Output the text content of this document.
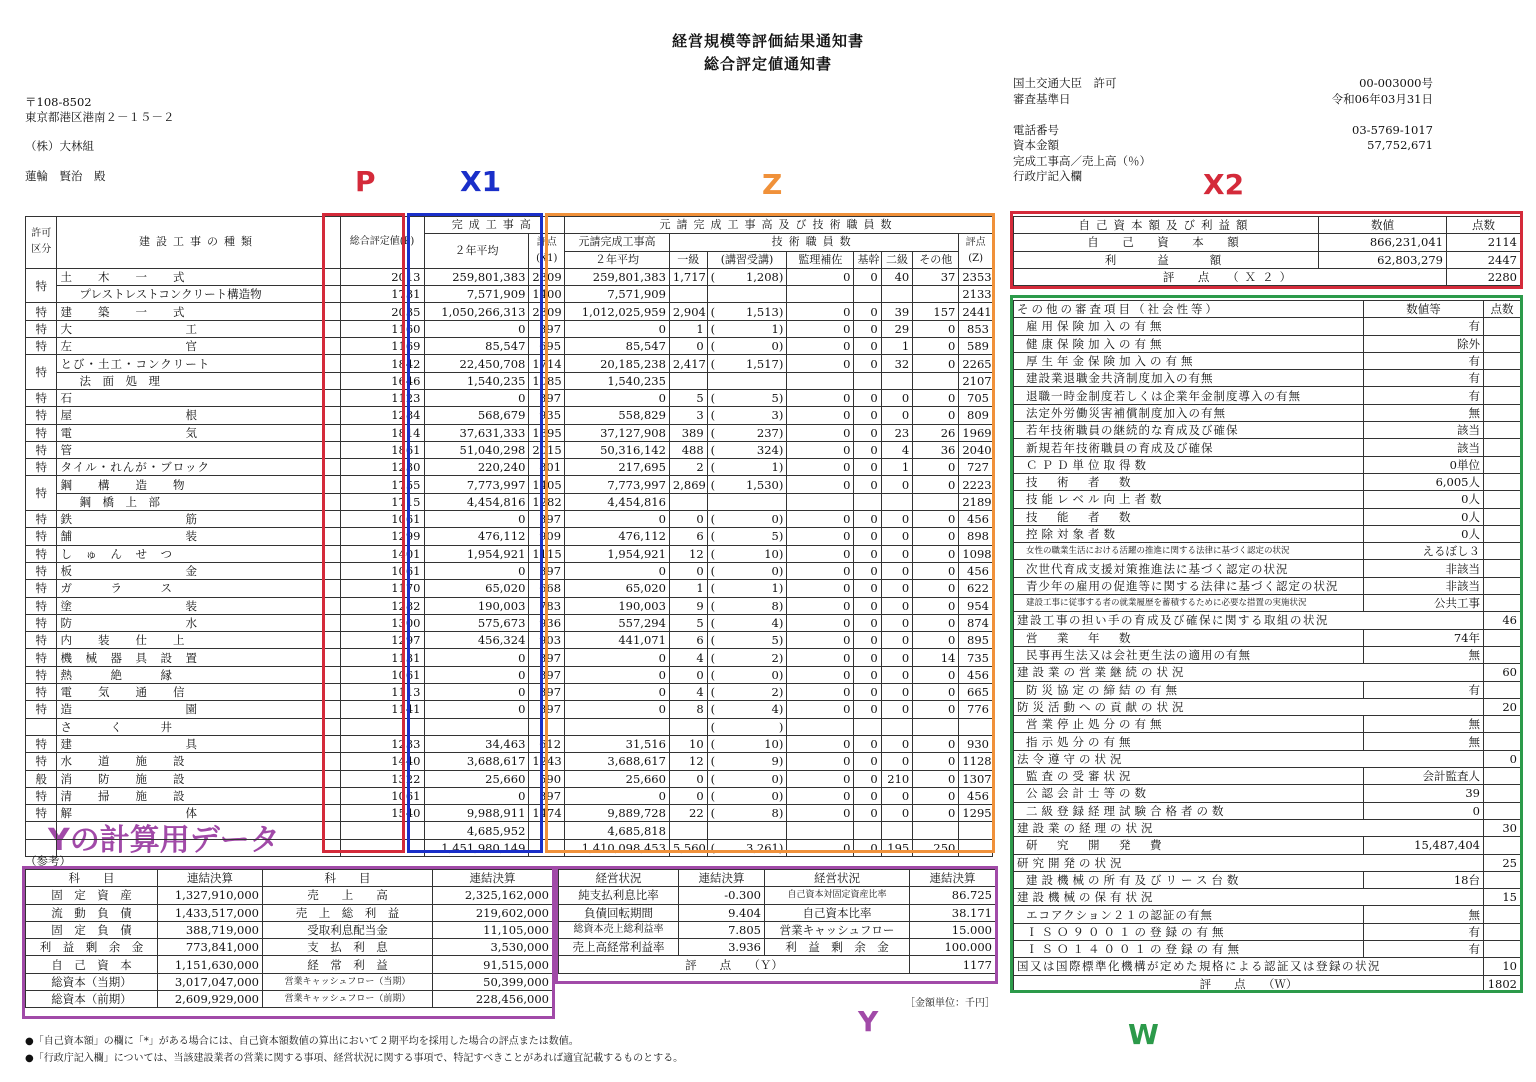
経営規模等評価結果通知書
総合評定値通知書
〒108-8502
東京都港区港南２－１５－２
（株）大林組
蓮輪　賢治　殿
国土交通大臣　許可	00-003000号
審査基準日	令和06年03月31日
電話番号	03-5769-1017
資本金額	57,752,671
完成工事高／売上高（％）
行政庁記入欄
P	X1	Z	X2
Yの計算用データ
Y	W
許可区分	建設工事の種類	総合評定値(P)	完成工事高		元請完成工事高及び技術職員数							
			２年平均	評点(X1)	元請完成工事高	技術職員数						評点(Z)
					２年平均	一級	(講習受講)	監理補佐	基幹	二級	その他	
特	土　　木　　一　　式	2013	259,801,383	2309	259,801,383	1,717	( 1,208)	0	0	40	37	2353
	プレストレストコンクリート構造物	1731	7,571,909	1400	7,571,909							2133
特	建　　築　　一　　式	2035	1,050,266,313	2309	1,012,025,959	2,904	( 1,513)	0	0	39	157	2441
特	大　　　　　　　　　工	1160	0	397	0	1	( 1)	0	0	29	0	853
特	左　　　　　　　　　官	1169	85,547	695	85,547	0	( 0)	0	0	1	0	589
特	とび・土工・コンクリート	1842	22,450,708	1714	20,185,238	2,417	( 1,517)	0	0	32	0	2265
	法　面　処　理	1646	1,540,235	1085	1,540,235							2107
特	石	1123	0	397	0	5	( 5)	0	0	0	0	705
特	屋　　　　　　　　　根	1284	568,679	935	558,829	3	( 3)	0	0	0	0	809
特	電　　　　　　　　　気	1814	37,631,333	1895	37,127,908	389	( 237)	0	0	23	26	1969
特	管	1861	51,040,298	2015	50,316,142	488	( 324)	0	0	4	36	2040
特	タイル・れんが・ブロック	1230	220,240	801	217,695	2	( 1)	0	0	1	0	727
特	鋼　　構　　造　　物	1755	7,773,997	1405	7,773,997	2,869	( 1,530)	0	0	0	0	2223
	鋼　橋　上　部	1715	4,454,816	1282	4,454,816							2189
特	鉄　　　　　　　　　筋	1061	0	397	0	0	( 0)	0	0	0	0	456
特	舗　　　　　　　　　装	1299	476,112	909	476,112	6	( 5)	0	0	0	0	898
特	し　ゅ　ん　せ　つ	1401	1,954,921	1115	1,954,921	12	( 10)	0	0	0	0	1098
特	板　　　　　　　　　金	1061	0	397	0	0	( 0)	0	0	0	0	456
特	ガ　　　ラ　　　ス	1170	65,020	668	65,020	1	( 1)	0	0	0	0	622
特	塗　　　　　　　　　装	1282	190,003	783	190,003	9	( 8)	0	0	0	0	954
特	防　　　　　　　　　水	1300	575,673	936	557,294	5	( 4)	0	0	0	0	874
特	内　　装　　仕　　上	1297	456,324	903	441,071	6	( 5)	0	0	0	0	895
特	機　械　器　具　設　置	1131	0	397	0	4	( 2)	0	0	0	14	735
特	熱　　　絶　　　縁	1061	0	397	0	0	( 0)	0	0	0	0	456
特	電　　気　　通　　信	1113	0	397	0	4	( 2)	0	0	0	0	665
特	造　　　　　　　　　園	1141	0	397	0	8	( 4)	0	0	0	0	776
	さ　　　く　　　井						( )					
特	建　　　　　　　　　具	1233	34,463	612	31,516	10	( 10)	0	0	0	0	930
特	水　　道　　施　　設	1440	3,688,617	1243	3,688,617	12	( 9)	0	0	0	0	1128
般	消　　防　　施　　設	1322	25,660	590	25,660	0	( 0)	0	0	210	0	1307
特	清　　掃　　施　　設	1061	0	397	0	0	( 0)	0	0	0	0	456
特	解　　　　　　　　　体	1540	9,988,911	1474	9,889,728	22	( 8)	0	0	0	0	1295
			4,685,952		4,685,818							
			1,451,980,149		1,410,098,453	5,560	( 3,261)	0	0	195	250	
自己資本額及び利益額	数値	点数
自　己　資　本　額	866,231,041	2114
利　　益　　額	62,803,279	2447
評　点　（Ｘ２）		2280
その他の審査項目（社会性等）	数値等	点数
雇用保険加入の有無	有	
健康保険加入の有無	除外	
厚生年金保険加入の有無	有	
建設業退職金共済制度加入の有無	有	
退職一時金制度若しくは企業年金制度導入の有無	有	
法定外労働災害補償制度加入の有無	無	
若年技術職員の継続的な育成及び確保	該当	
新規若年技術職員の育成及び確保	該当	
ＣＰＤ単位取得数	0単位	
技　術　者　数	6,005人	
技能レベル向上者数	0人	
技　能　者　数	0人	
控除対象者数	0人	
女性の職業生活における活躍の推進に関する法律に基づく認定の状況	えるぼし３	
次世代育成支援対策推進法に基づく認定の状況	非該当	
青少年の雇用の促進等に関する法律に基づく認定の状況	非該当	
建設工事に従事する者の就業履歴を蓄積するために必要な措置の実施状況	公共工事	
建設工事の担い手の育成及び確保に関する取組の状況		46
営　業　年　数	74年	
民事再生法又は会社更生法の適用の有無	無	
建設業の営業継続の状況		60
防災協定の締結の有無	有	
防災活動への貢献の状況		20
営業停止処分の有無	無	
指示処分の有無	無	
法令遵守の状況		0
監査の受審状況	会計監査人	
公認会計士等の数	39	
二級登録経理試験合格者の数	0	
建設業の経理の状況		30
研　究　開　発　費	15,487,404	
研究開発の状況		25
建設機械の所有及びリース台数	18台	
建設機械の保有状況		15
エコアクション２１の認証の有無	無	
ＩＳＯ９００１の登録の有無	有	
ＩＳＯ１４００１の登録の有無	有	
国又は国際標準化機構が定めた規格による認証又は登録の状況		10
評　　点　　（Ｗ）		1802
（参考）
科　　目	連結決算	科　　目	連結決算
固　定　資　産	1,327,910,000	売　　上　　高	2,325,162,000
流　動　負　債	1,433,517,000	売　上　総　利　益	219,602,000
固　定　負　債	388,719,000	受取利息配当金	11,105,000
利　益　剰　余　金	773,841,000	支　払　利　息	3,530,000
自　己　資　本	1,151,630,000	経　常　利　益	91,515,000
総資本（当期）	3,017,047,000	営業キャッシュフロー（当期）	50,399,000
総資本（前期）	2,609,929,000	営業キャッシュフロー（前期）	228,456,000
経営状況	連結決算	経営状況	連結決算
純支払利息比率	-0.300	自己資本対固定資産比率	86.725
負債回転期間	9.404	自己資本比率	38.171
総資本売上総利益率	7.805	営業キャッシュフロー	15.000
売上高経常利益率	3.936	利　益　剰　余　金	100.000
評　　点　　（Ｙ）			1177
［金額単位：千円］
●「自己資本額」の欄に「*」がある場合には、自己資本額数値の算出において２期平均を採用した場合の評点または数値。
●「行政庁記入欄」については、当該建設業者の営業に関する事項、経営状況に関する事項で、特記すべきことがあれば適宜記載するものとする。
